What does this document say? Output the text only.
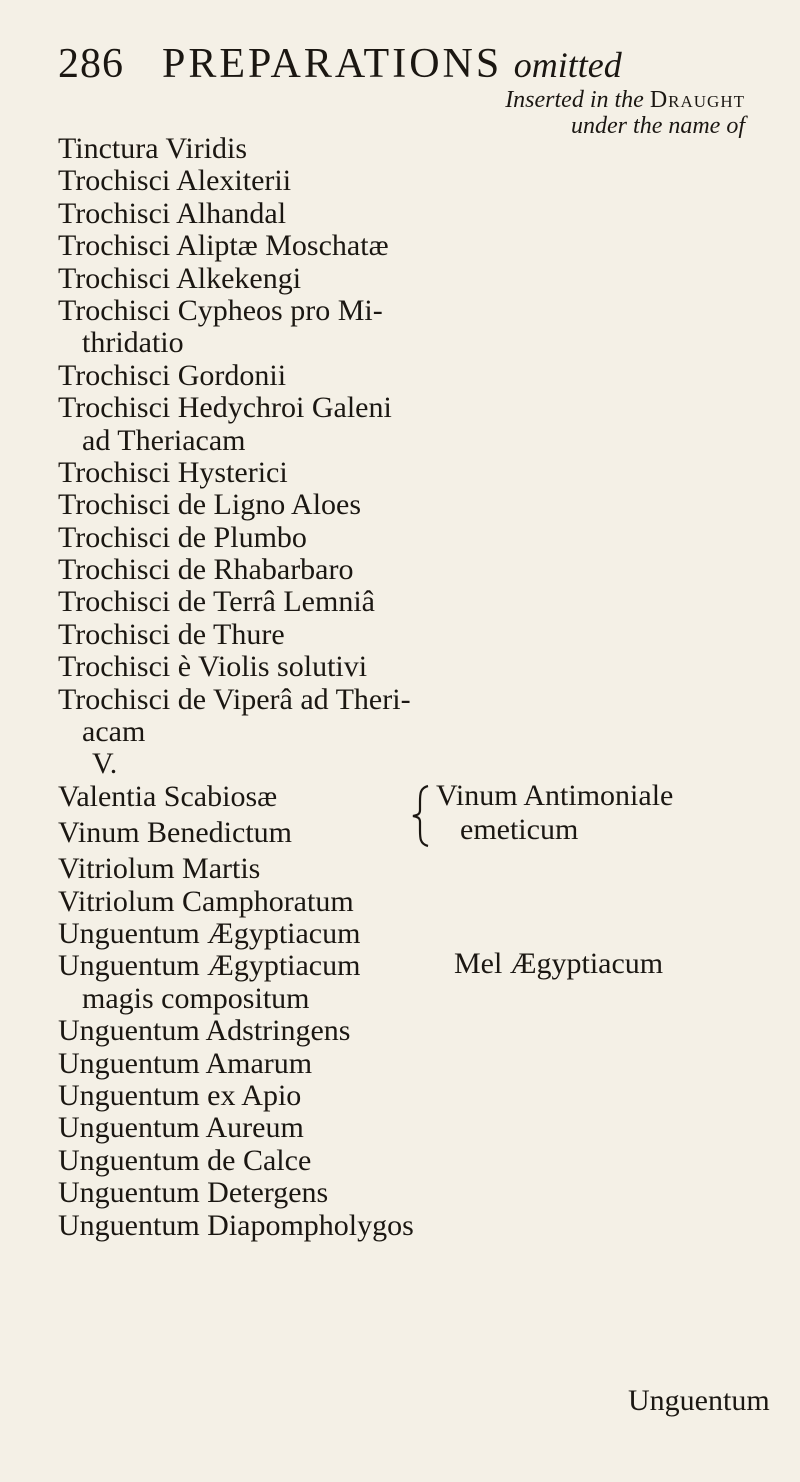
286 PREPARATIONS omitted
Inserted in the Draught
under the name of
Tinctura Viridis
Trochisci Alexiterii
Trochisci Alhandal
Trochisci Aliptæ Moschatæ
Trochisci Alkekengi
Trochisci Cypheos pro Mi-
thridatio
Trochisci Gordonii
Trochisci Hedychroi Galeni
ad Theriacam
Trochisci Hysterici
Trochisci de Ligno Aloes
Trochisci de Plumbo
Trochisci de Rhabarbaro
Trochisci de Terrâ Lemniâ
Trochisci de Thure
Trochisci è Violis solutivi
Trochisci de Viperâ ad Theri-
acam
V.
Valentia Scabiosæ
Vinum Benedictum
Vitriolum Martis
Vitriolum Camphoratum
Unguentum Ægyptiacum
Unguentum Ægyptiacum
magis compositum
Unguentum Adstringens
Unguentum Amarum
Unguentum ex Apio
Unguentum Aureum
Unguentum de Calce
Unguentum Detergens
Unguentum Diapompholygos
Vinum Antimoniale
emeticum
Mel Ægyptiacum
Unguentum
